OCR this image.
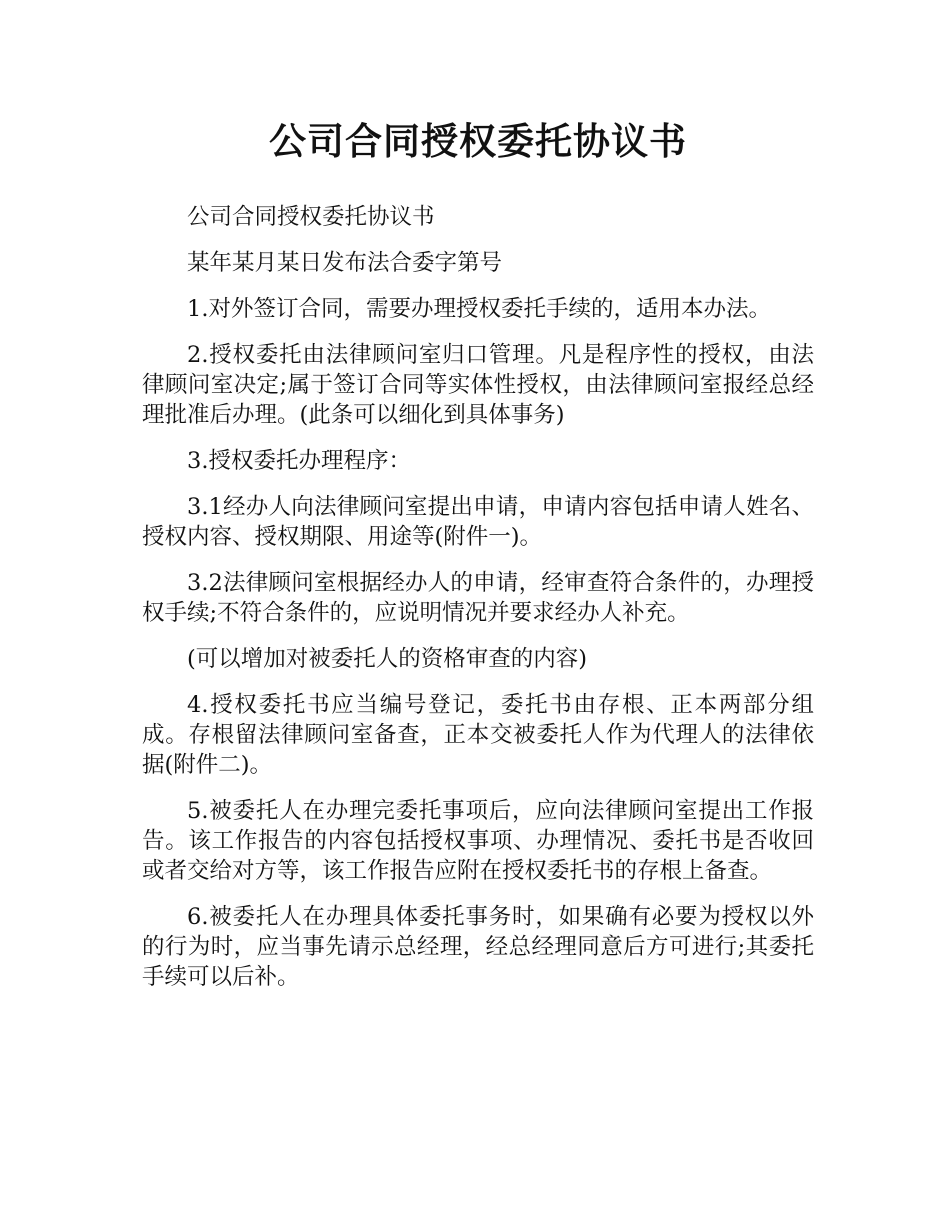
公司合同授权委托协议书

公司合同授权委托协议书

某年某月某日发布法合委字第号

1.对外签订合同，需要办理授权委托手续的，适用本办法。

2.授权委托由法律顾问室归口管理。凡是程序性的授权，由法律顾问室决定;属于签订合同等实体性授权，由法律顾问室报经总经理批准后办理。(此条可以细化到具体事务)

3.授权委托办理程序：

3.1经办人向法律顾问室提出申请，申请内容包括申请人姓名、授权内容、授权期限、用途等(附件一)。

3.2法律顾问室根据经办人的申请，经审查符合条件的，办理授权手续;不符合条件的，应说明情况并要求经办人补充。

(可以增加对被委托人的资格审查的内容)

4.授权委托书应当编号登记，委托书由存根、正本两部分组成。存根留法律顾问室备查，正本交被委托人作为代理人的法律依据(附件二)。

5.被委托人在办理完委托事项后，应向法律顾问室提出工作报告。该工作报告的内容包括授权事项、办理情况、委托书是否收回或者交给对方等，该工作报告应附在授权委托书的存根上备查。

6.被委托人在办理具体委托事务时，如果确有必要为授权以外的行为时，应当事先请示总经理，经总经理同意后方可进行;其委托手续可以后补。
